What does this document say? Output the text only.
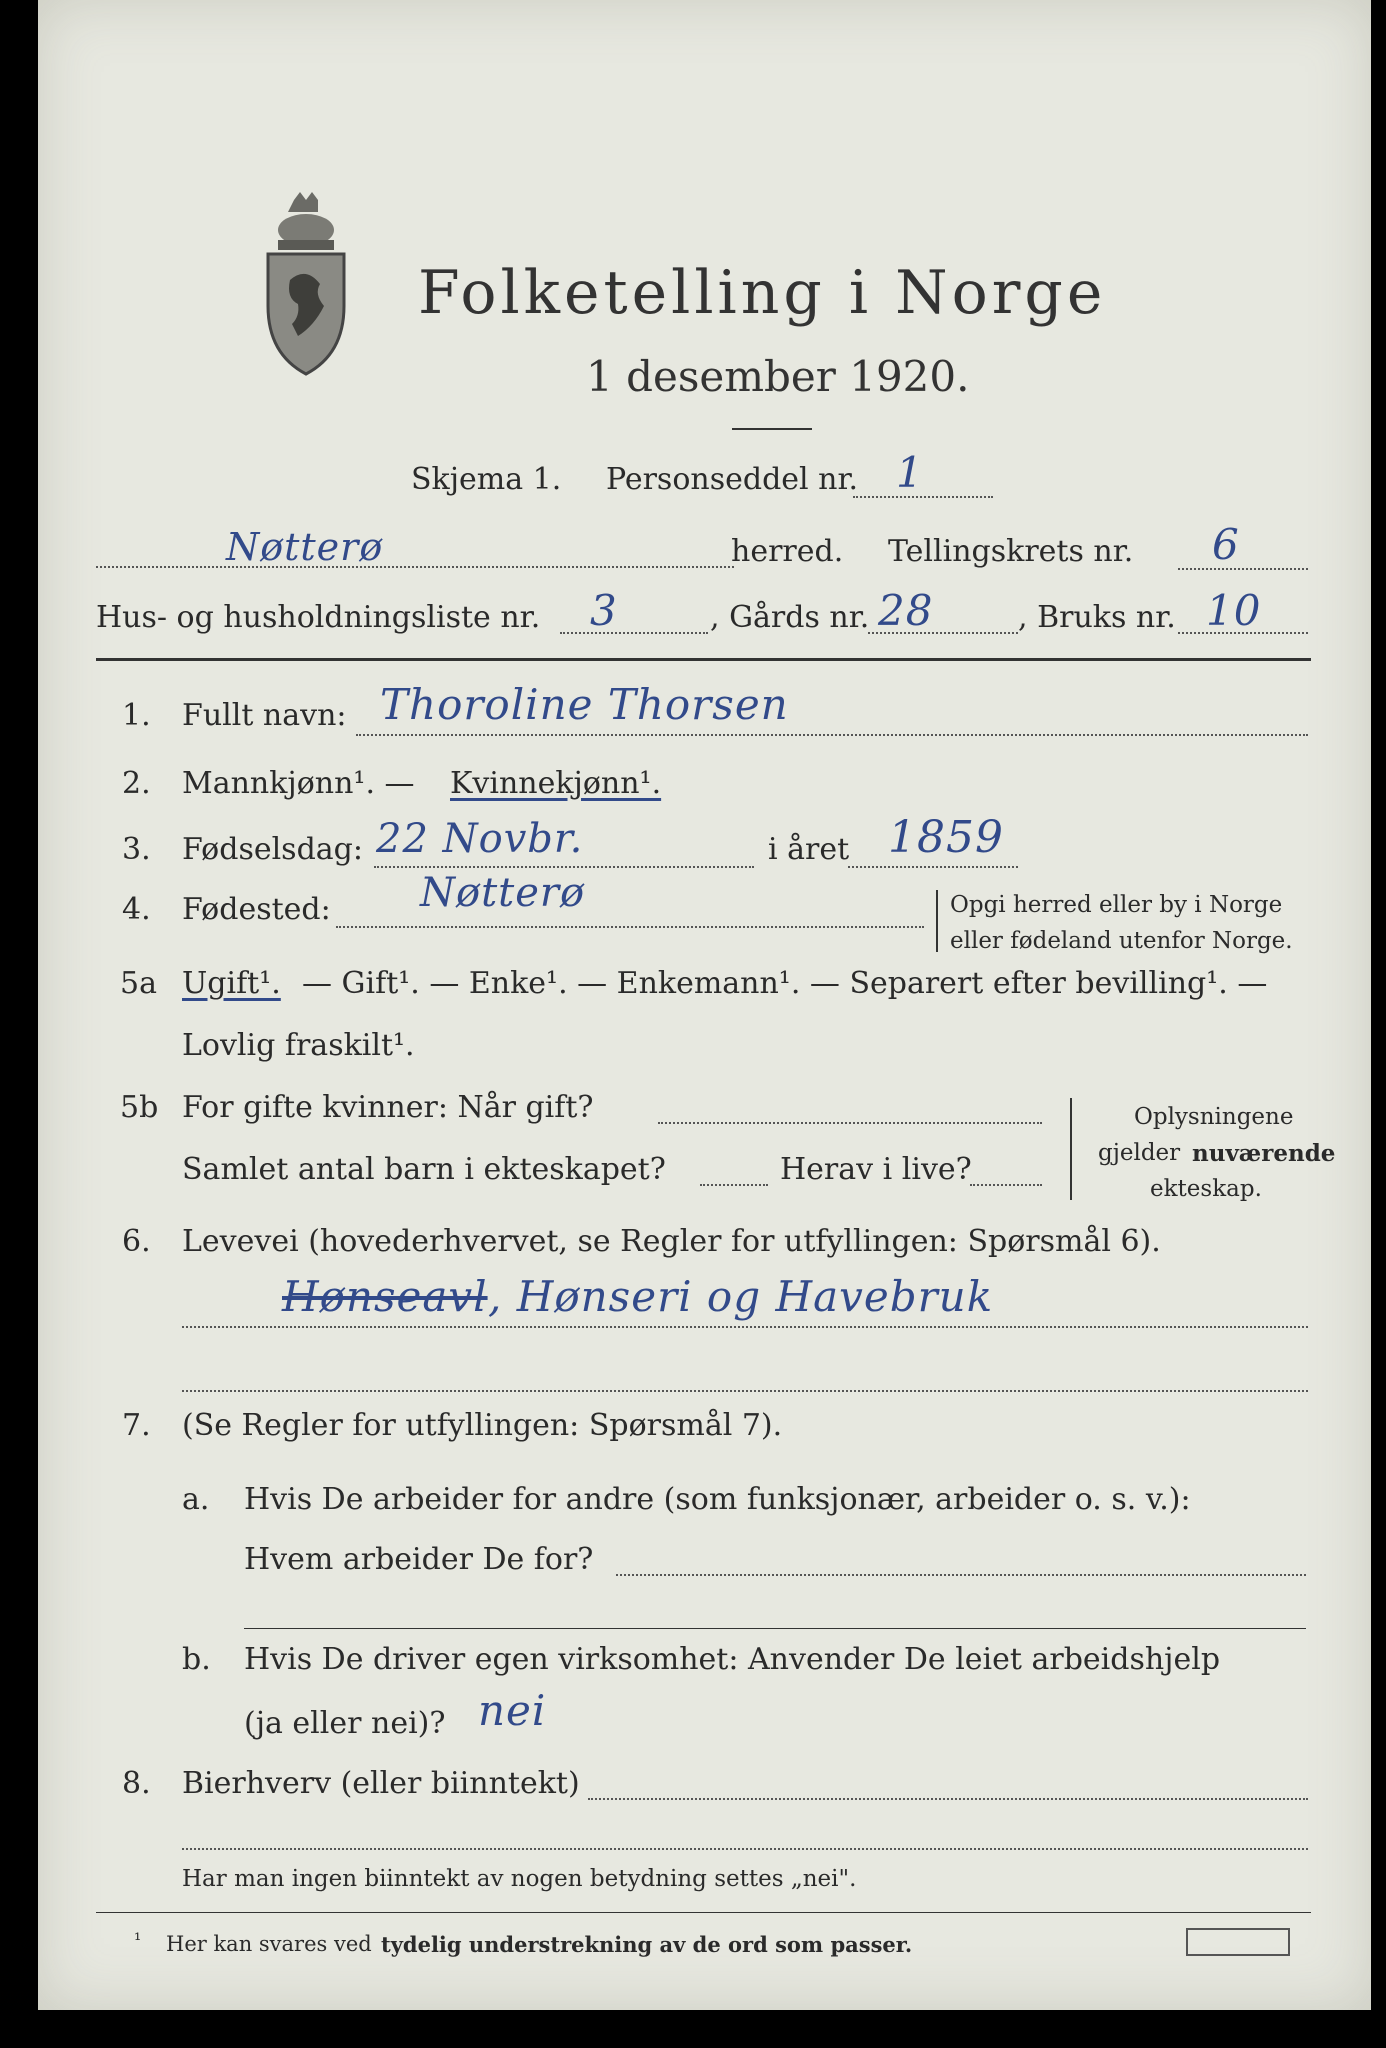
Folketelling i Norge
1 desember 1920.
Skjema 1. Personseddel nr. 1
Nøtterø	herred. Tellingskrets nr. 6
Hus- og husholdningsliste nr. 3	, Gårds nr. 28	, Bruks nr. 10
1. Fullt navn: Thoroline Thorsen
2. Mannkjønn¹. — Kvinnekjønn¹.
3. Fødselsdag: 22 Novbr.	i året 1859
4. Fødested: Nøtterø	Opgi herred eller by i Norge
eller fødeland utenfor Norge.
5a Ugift¹. — Gift¹. — Enke¹. — Enkemann¹. — Separert efter bevilling¹. —
Lovlig fraskilt¹.
5b For gifte kvinner: Når gift?
Samlet antal barn i ekteskapet?	Herav i live?
Oplysningene
gjelder nuværende
ekteskap.
6. Levevei (hovederhvervet, se Regler for utfyllingen: Spørsmål 6).
Hønseavl , Hønseri og Havebruk
7. (Se Regler for utfyllingen: Spørsmål 7).
a. Hvis De arbeider for andre (som funksjonær, arbeider o. s. v.):
Hvem arbeider De for?
b. Hvis De driver egen virksomhet: Anvender De leiet arbeidshjelp
(ja eller nei)? nei
8. Bierhverv (eller biinntekt)
Har man ingen biinntekt av nogen betydning settes „nei".
¹ Her kan svares ved tydelig understrekning av de ord som passer.
